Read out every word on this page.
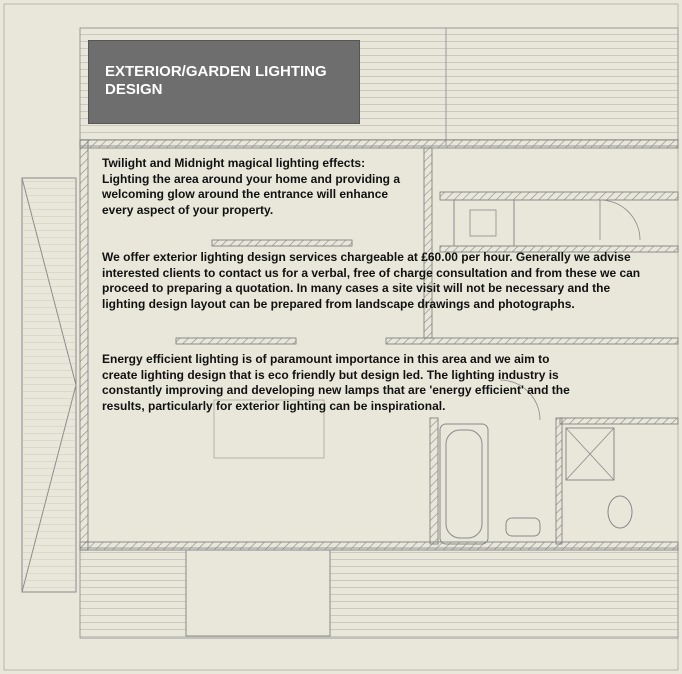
EXTERIOR/GARDEN LIGHTING
DESIGN
Twilight and Midnight magical lighting effects:
Lighting the area around your home and providing a
welcoming glow around the entrance will enhance
every aspect of your property.
We offer exterior lighting design services chargeable at £60.00 per hour. Generally we advise
interested clients to contact us for a verbal, free of charge consultation and from these we can
proceed to preparing a quotation. In many cases a site visit will not be necessary and the
lighting design layout can be prepared from landscape drawings and photographs.
Energy efficient lighting is of paramount importance in this area and we aim to
create lighting design that is eco friendly but design led. The lighting industry is
constantly improving and developing new lamps that are 'energy efficient' and the
results, particularly for exterior lighting can be inspirational.
